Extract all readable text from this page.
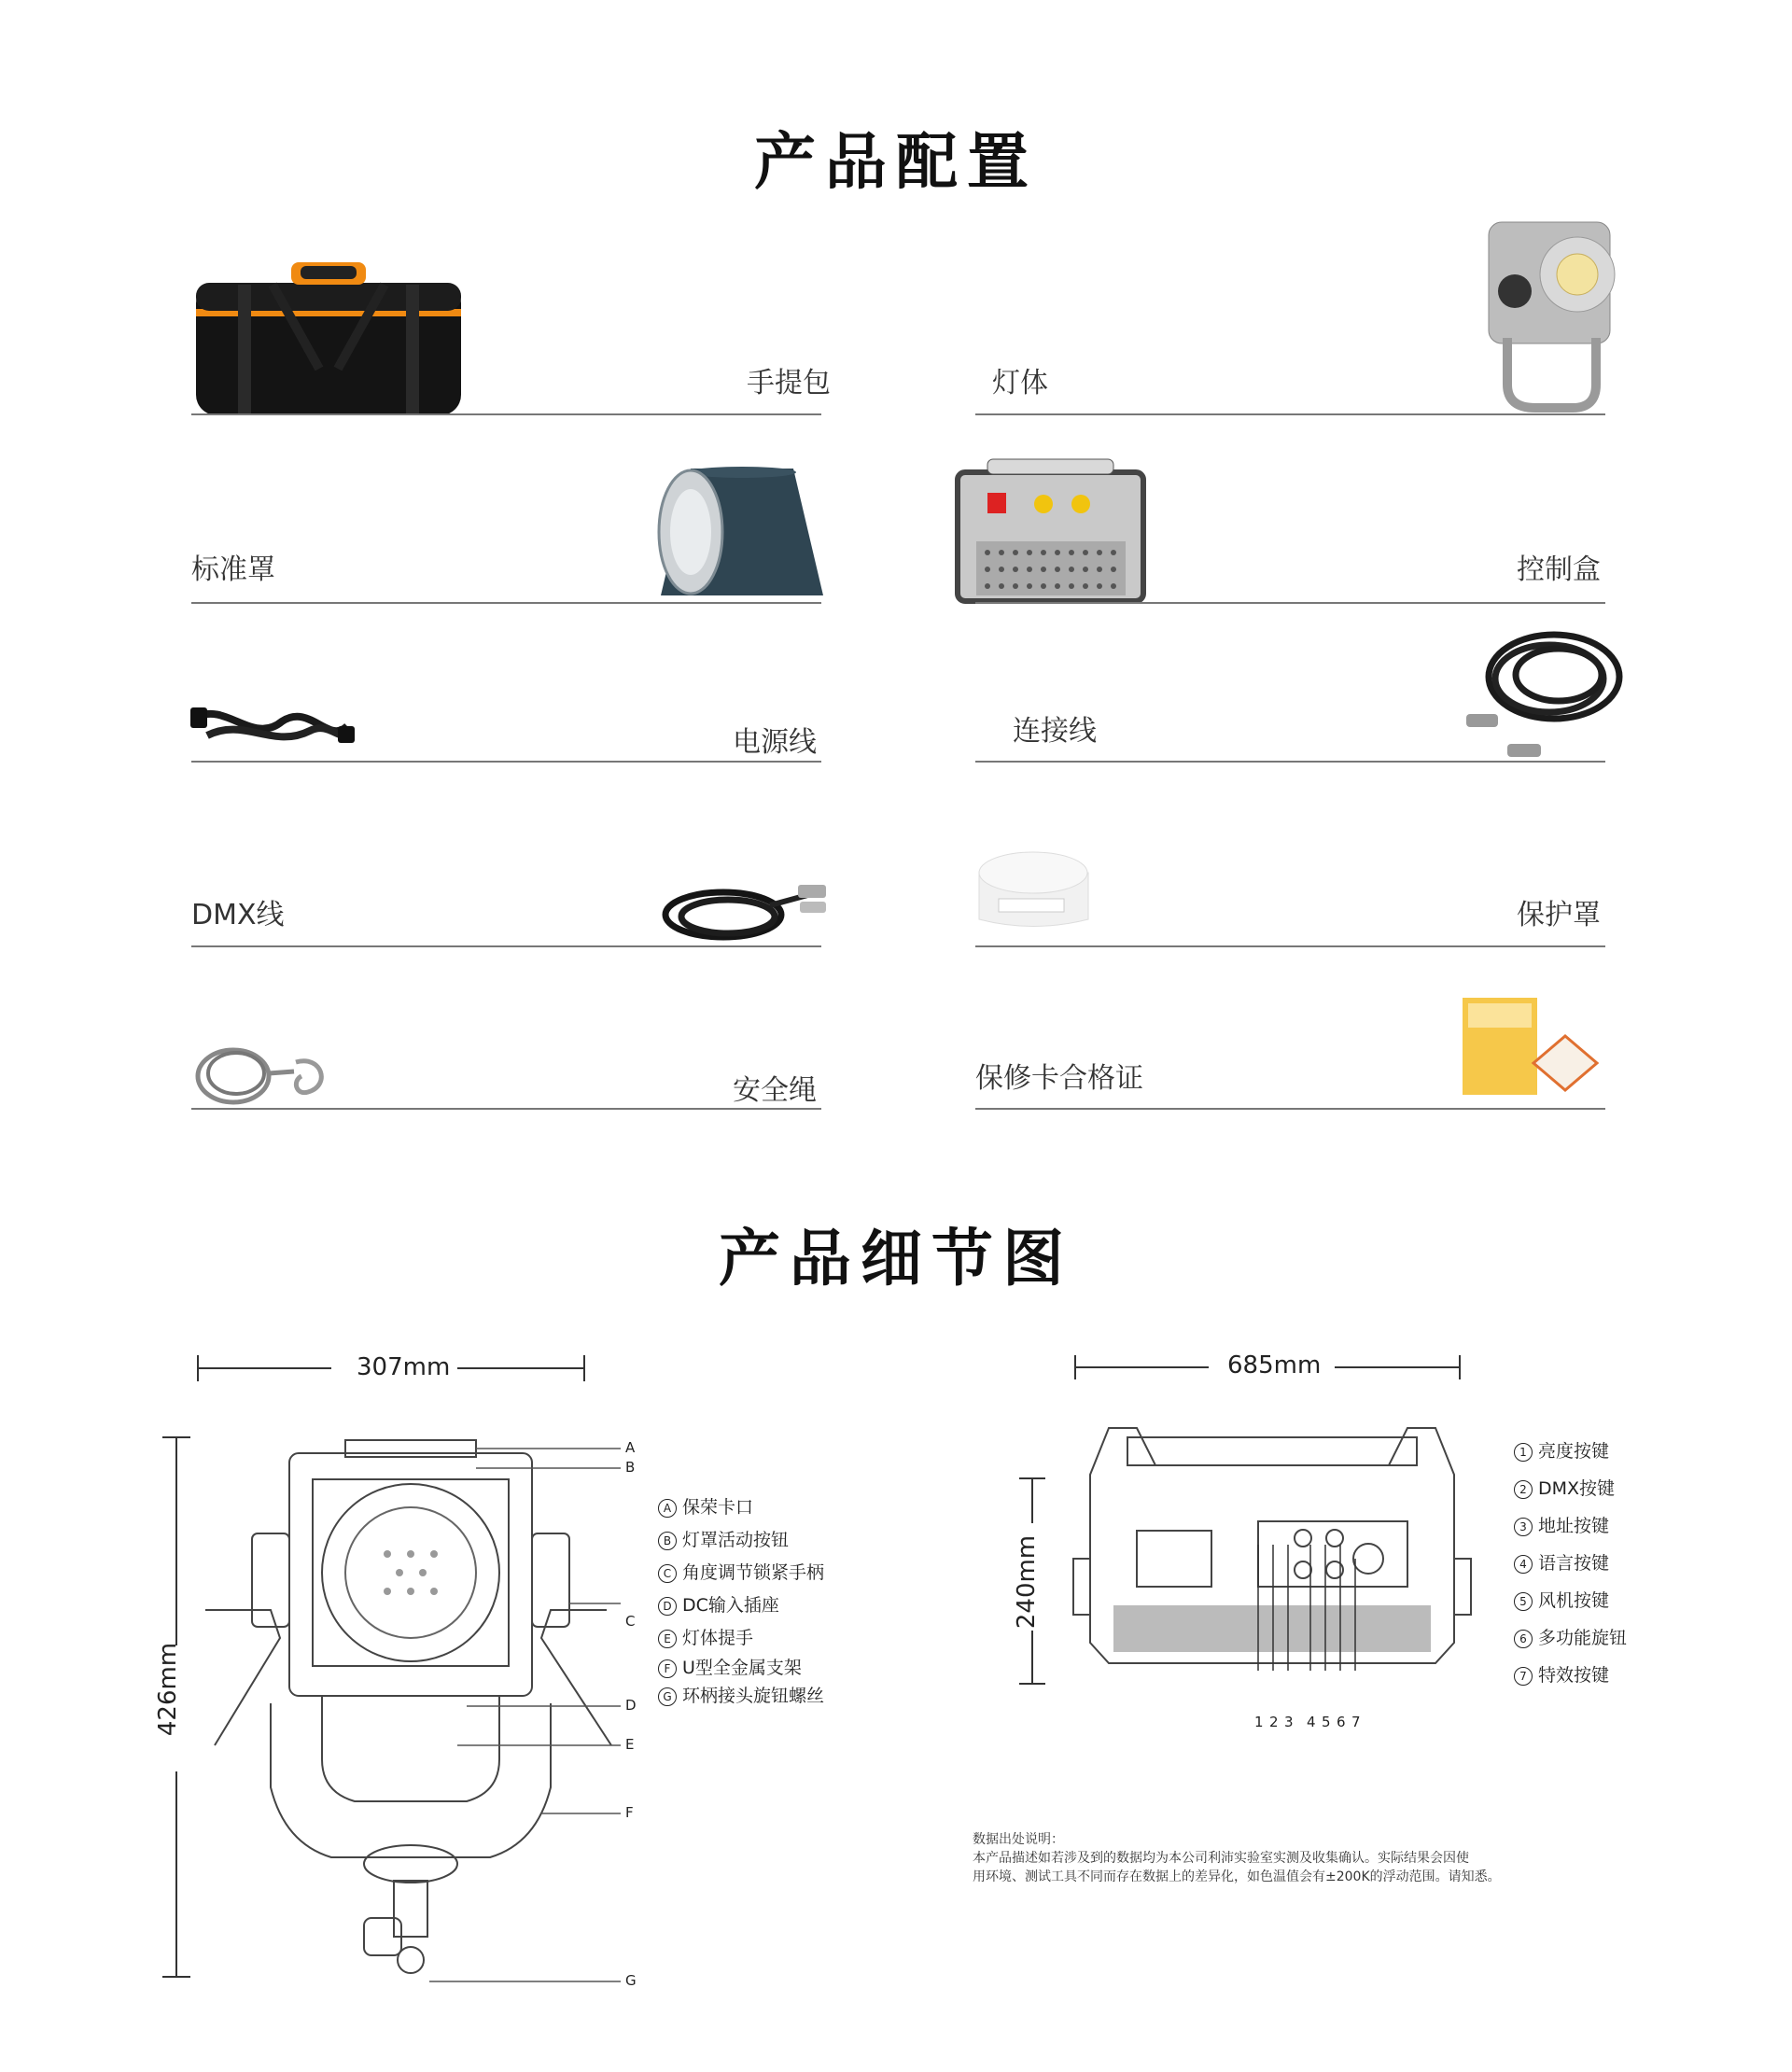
产品配置
手提包	灯体
标准罩	控制盒
电源线	连接线
DMX线	保护罩
安全绳	保修卡合格证
产品细节图
307mm
426mm
A
B
C
D
E
F
G
A 保荣卡口
B 灯罩活动按钮
C 角度调节锁紧手柄
D DC输入插座
E 灯体提手
F U型全金属支架
G 环柄接头旋钮螺丝
685mm
240mm
1 2 3 4 5 6 7
1 亮度按键
2 DMX按键
3 地址按键
4 语言按键
5 风机按键
6 多功能旋钮
7 特效按键
数据出处说明：
本产品描述如若涉及到的数据均为本公司利沛实验室实测及收集确认。实际结果会因使
用环境、测试工具不同而存在数据上的差异化，如色温值会有±200K的浮动范围。请知悉。
